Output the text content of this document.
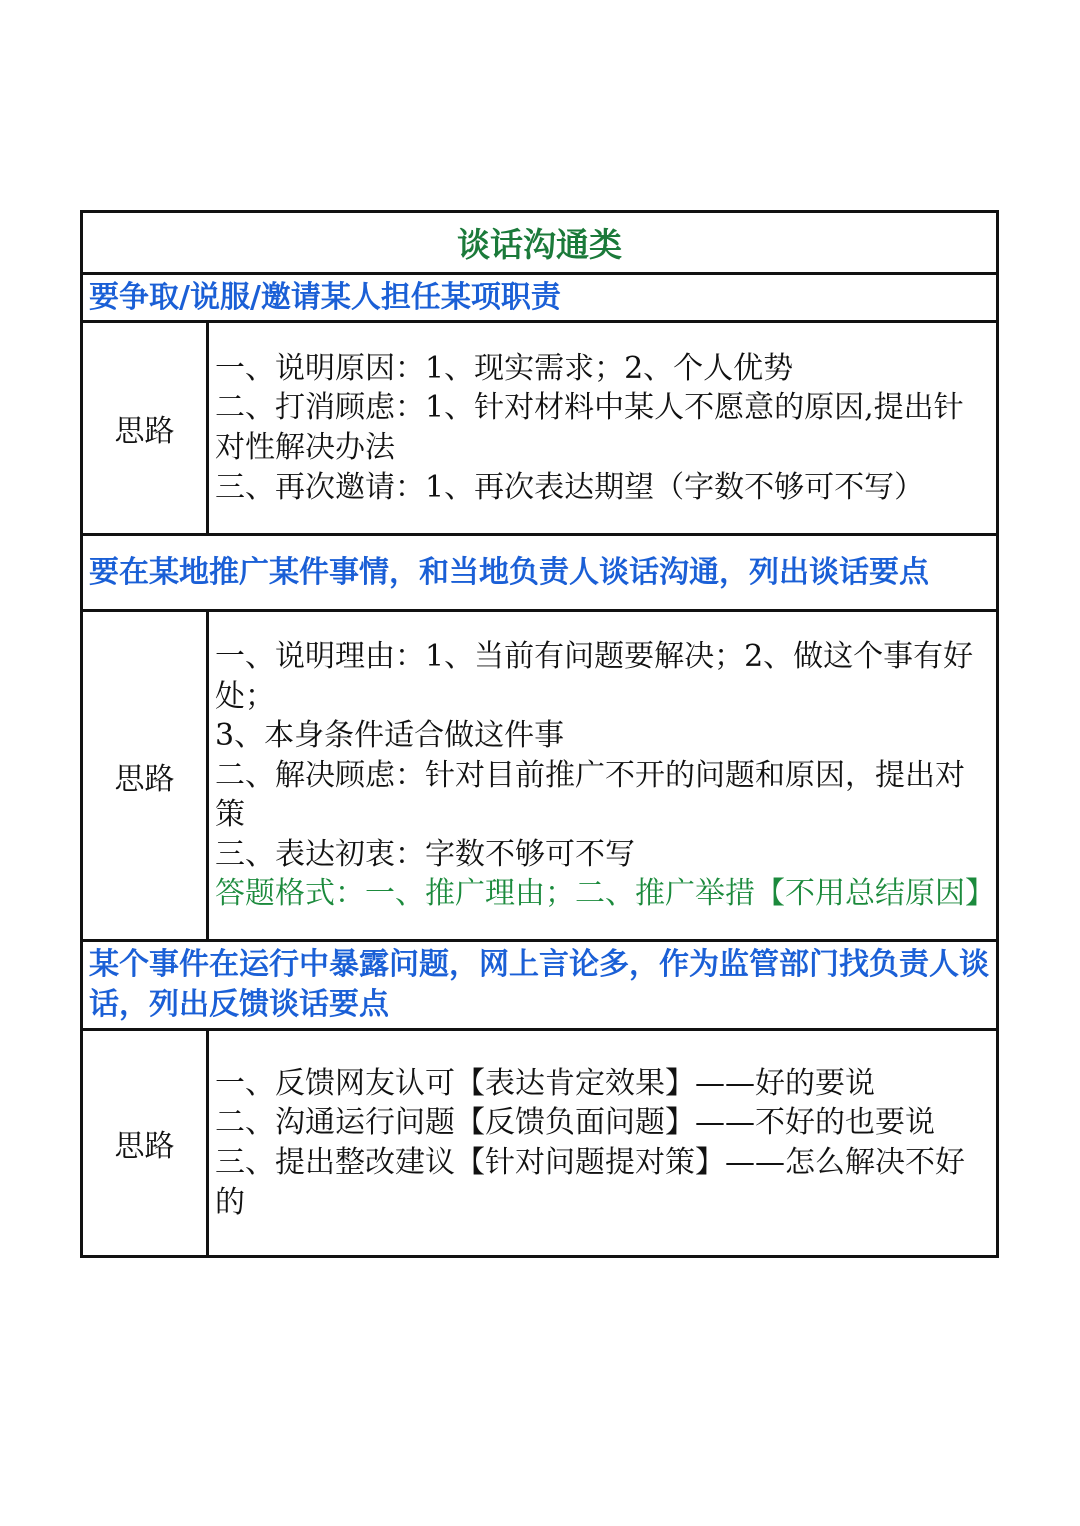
谈话沟通类
要争取/说服/邀请某人担任某项职责
思路
一、说明原因：1、现实需求；2、个人优势
二、打消顾虑：1、针对材料中某人不愿意的原因,提出针对性解决办法
三、再次邀请：1、再次表达期望（字数不够可不写）
要在某地推广某件事情，和当地负责人谈话沟通，列出谈话要点
思路
一、说明理由：1、当前有问题要解决；2、做这个事有好处；
3、本身条件适合做这件事
二、解决顾虑：针对目前推广不开的问题和原因，提出对策
三、表达初衷：字数不够可不写
答题格式：一、推广理由；二、推广举措【不用总结原因】
某个事件在运行中暴露问题，网上言论多，作为监管部门找负责人谈话，列出反馈谈话要点
思路
一、反馈网友认可【表达肯定效果】——好的要说
二、沟通运行问题【反馈负面问题】——不好的也要说
三、提出整改建议【针对问题提对策】——怎么解决不好的
